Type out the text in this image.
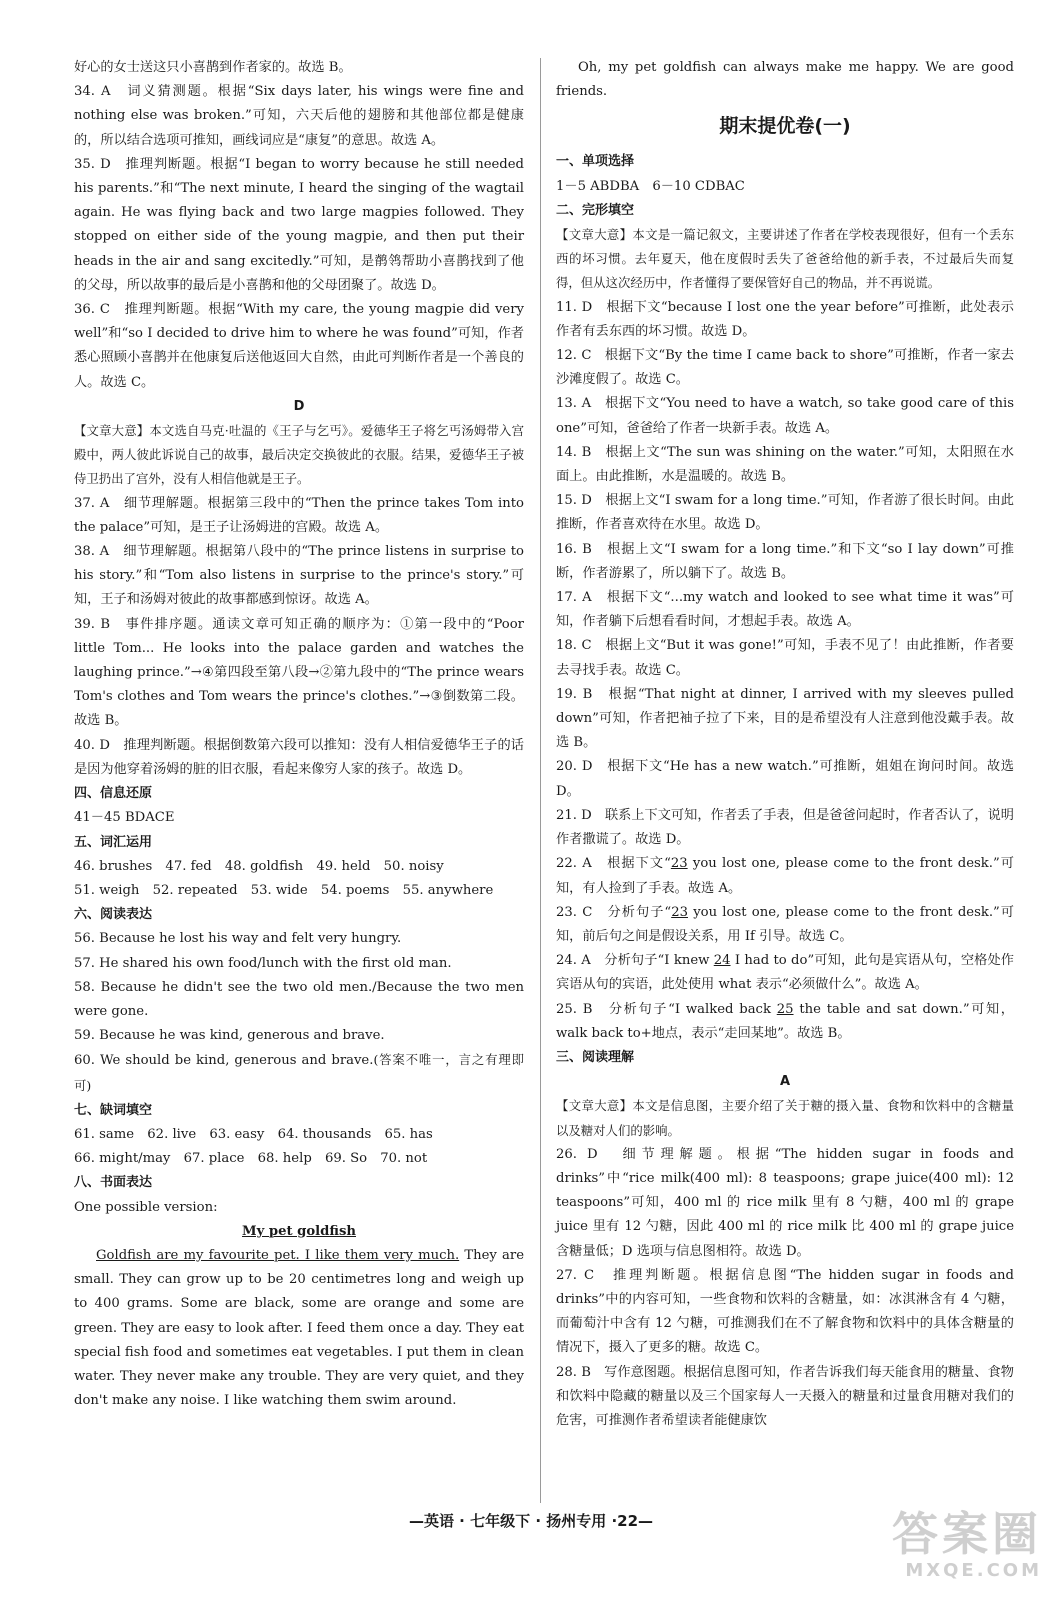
好心的女士送这只小喜鹊到作者家的。故选 B。

34. A　词义猜测题。根据“Six days later, his wings were fine and nothing else was broken.”可知，六天后他的翅膀和其他部位都是健康的，所以结合选项可推知，画线词应是“康复”的意思。故选 A。

35. D　推理判断题。根据“I began to worry because he still needed his parents.”和“The next minute, I heard the singing of the wagtail again. He was flying back and two large magpies followed. They stopped on either side of the young magpie, and then put their heads in the air and sang excitedly.”可知，是鹡鸰帮助小喜鹊找到了他的父母，所以故事的最后是小喜鹊和他的父母团聚了。故选 D。

36. C　推理判断题。根据“With my care, the young magpie did very well”和“so I decided to drive him to where he was found”可知，作者悉心照顾小喜鹊并在他康复后送他返回大自然，由此可判断作者是一个善良的人。故选 C。

D

【文章大意】本文选自马克·吐温的《王子与乞丐》。爱德华王子将乞丐汤姆带入宫殿中，两人彼此诉说自己的故事，最后决定交换彼此的衣服。结果，爱德华王子被侍卫扔出了宫外，没有人相信他就是王子。

37. A　细节理解题。根据第三段中的“Then the prince takes Tom into the palace”可知，是王子让汤姆进的宫殿。故选 A。

38. A　细节理解题。根据第八段中的“The prince listens in surprise to his story.”和“Tom also listens in surprise to the prince's story.”可知，王子和汤姆对彼此的故事都感到惊讶。故选 A。

39. B　事件排序题。通读文章可知正确的顺序为：①第一段中的“Poor little Tom... He looks into the palace garden and watches the laughing prince.”→④第四段至第八段→②第九段中的“The prince wears Tom's clothes and Tom wears the prince's clothes.”→③倒数第二段。故选 B。

40. D　推理判断题。根据倒数第六段可以推知：没有人相信爱德华王子的话是因为他穿着汤姆的脏的旧衣服，看起来像穷人家的孩子。故选 D。

四、信息还原

41－45 BDACE

五、词汇运用

46. brushes　47. fed　48. goldfish　49. held　50. noisy

51. weigh　52. repeated　53. wide　54. poems　55. anywhere

六、阅读表达

56. Because he lost his way and felt very hungry.

57. He shared his own food/lunch with the first old man.

58. Because he didn't see the two old men./Because the two men were gone.

59. Because he was kind, generous and brave.

60. We should be kind, generous and brave.(答案不唯一，言之有理即可)

七、缺词填空

61. same　62. live　63. easy　64. thousands　65. has

66. might/may　67. place　68. help　69. So　70. not

八、书面表达

One possible version:

My pet goldfish

Goldfish are my favourite pet. I like them very much. They are small. They can grow up to be 20 centimetres long and weigh up to 400 grams. Some are black, some are orange and some are green. They are easy to look after. I feed them once a day. They eat special fish food and sometimes eat vegetables. I put them in clean water. They never make any trouble. They are very quiet, and they don't make any noise. I like watching them swim around.

Oh, my pet goldfish can always make me happy. We are good friends.

期末提优卷(一)

一、单项选择

1－5 ABDBA　6－10 CDBAC

二、完形填空

【文章大意】本文是一篇记叙文，主要讲述了作者在学校表现很好，但有一个丢东西的坏习惯。去年夏天，他在度假时丢失了爸爸给他的新手表，不过最后失而复得，但从这次经历中，作者懂得了要保管好自己的物品，并不再说谎。

11. D　根据下文“because I lost one the year before”可推断，此处表示作者有丢东西的坏习惯。故选 D。

12. C　根据下文“By the time I came back to shore”可推断，作者一家去沙滩度假了。故选 C。

13. A　根据下文“You need to have a watch, so take good care of this one”可知，爸爸给了作者一块新手表。故选 A。

14. B　根据上文“The sun was shining on the water.”可知，太阳照在水面上。由此推断，水是温暖的。故选 B。

15. D　根据上文“I swam for a long time.”可知，作者游了很长时间。由此推断，作者喜欢待在水里。故选 D。

16. B　根据上文“I swam for a long time.”和下文“so I lay down”可推断，作者游累了，所以躺下了。故选 B。

17. A　根据下文“...my watch and looked to see what time it was”可知，作者躺下后想看看时间，才想起手表。故选 A。

18. C　根据上文“But it was gone!”可知，手表不见了！由此推断，作者要去寻找手表。故选 C。

19. B　根据“That night at dinner, I arrived with my sleeves pulled down”可知，作者把袖子拉了下来，目的是希望没有人注意到他没戴手表。故选 B。

20. D　根据下文“He has a new watch.”可推断，姐姐在询问时间。故选 D。

21. D　联系上下文可知，作者丢了手表，但是爸爸问起时，作者否认了，说明作者撒谎了。故选 D。

22. A　根据下文“23 you lost one, please come to the front desk.”可知，有人捡到了手表。故选 A。

23. C　分析句子“23 you lost one, please come to the front desk.”可知，前后句之间是假设关系，用 If 引导。故选 C。

24. A　分析句子“I knew 24 I had to do”可知，此句是宾语从句，空格处作宾语从句的宾语，此处使用 what 表示“必须做什么”。故选 A。

25. B　分析句子“I walked back 25 the table and sat down.”可知，walk back to+地点，表示“走回某地”。故选 B。

三、阅读理解

A

【文章大意】本文是信息图，主要介绍了关于糖的摄入量、食物和饮料中的含糖量以及糖对人们的影响。

26. D　细节理解题。根据“The hidden sugar in foods and drinks”中“rice milk(400 ml): 8 teaspoons; grape juice(400 ml): 12 teaspoons”可知，400 ml 的 rice milk 里有 8 勺糖，400 ml 的 grape juice 里有 12 勺糖，因此 400 ml 的 rice milk 比 400 ml 的 grape juice 含糖量低；D 选项与信息图相符。故选 D。

27. C　推理判断题。根据信息图“The hidden sugar in foods and drinks”中的内容可知，一些食物和饮料的含糖量，如：冰淇淋含有 4 勺糖，而葡萄汁中含有 12 勺糖，可推测我们在不了解食物和饮料中的具体含糖量的情况下，摄入了更多的糖。故选 C。

28. B　写作意图题。根据信息图可知，作者告诉我们每天能食用的糖量、食物和饮料中隐藏的糖量以及三个国家每人一天摄入的糖量和过量食用糖对我们的危害，可推测作者希望读者能健康饮

—英语 · 七年级下 · 扬州专用 ·22—	答案圈
MXQE.COM
